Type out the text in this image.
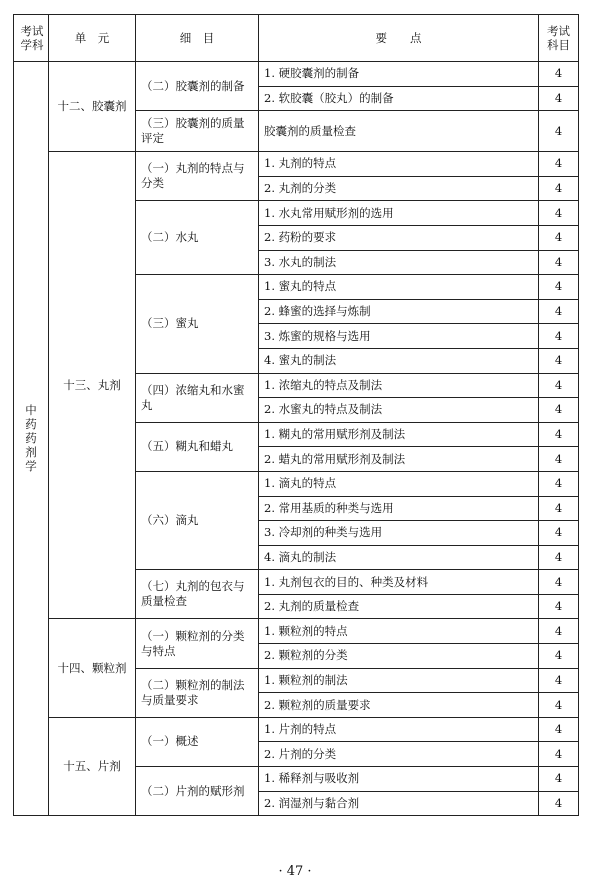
考试学科	单　元	细　目	要　　点	考试科目
中药药剂学	十二、胶囊剂	（二）胶囊剂的制备	1. 硬胶囊剂的制备	4
			2. 软胶囊（胶丸）的制备	4
		（三）胶囊剂的质量评定	胶囊剂的质量检查	4
	十三、丸剂	（一）丸剂的特点与分类	1. 丸剂的特点	4
			2. 丸剂的分类	4
		（二）水丸	1. 水丸常用赋形剂的选用	4
			2. 药粉的要求	4
			3. 水丸的制法	4
		（三）蜜丸	1. 蜜丸的特点	4
			2. 蜂蜜的选择与炼制	4
			3. 炼蜜的规格与选用	4
			4. 蜜丸的制法	4
		（四）浓缩丸和水蜜丸	1. 浓缩丸的特点及制法	4
			2. 水蜜丸的特点及制法	4
		（五）糊丸和蜡丸	1. 糊丸的常用赋形剂及制法	4
			2. 蜡丸的常用赋形剂及制法	4
		（六）滴丸	1. 滴丸的特点	4
			2. 常用基质的种类与选用	4
			3. 冷却剂的种类与选用	4
			4. 滴丸的制法	4
		（七）丸剂的包衣与质量检查	1. 丸剂包衣的目的、种类及材料	4
			2. 丸剂的质量检查	4
	十四、颗粒剂	（一）颗粒剂的分类与特点	1. 颗粒剂的特点	4
			2. 颗粒剂的分类	4
		（二）颗粒剂的制法与质量要求	1. 颗粒剂的制法	4
			2. 颗粒剂的质量要求	4
	十五、片剂	（一）概述	1. 片剂的特点	4
			2. 片剂的分类	4
		（二）片剂的赋形剂	1. 稀释剂与吸收剂	4
			2. 润湿剂与黏合剂	4
· 47 ·
